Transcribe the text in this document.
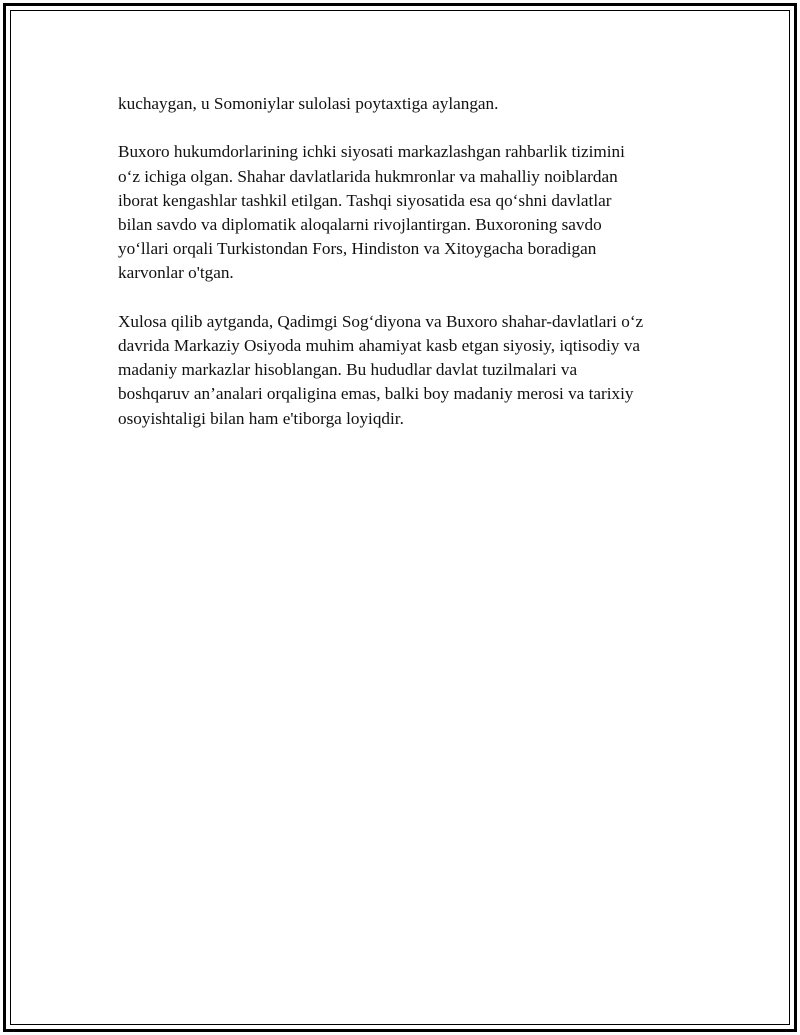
kuchaygan, u Somoniylar sulolasi poytaxtiga aylangan.

Buxoro hukumdorlarining ichki siyosati markazlashgan rahbarlik tizimini
o‘z ichiga olgan. Shahar davlatlarida hukmronlar va mahalliy noiblardan
iborat kengashlar tashkil etilgan. Tashqi siyosatida esa qo‘shni davlatlar
bilan savdo va diplomatik aloqalarni rivojlantirgan. Buxoroning savdo
yo‘llari orqali Turkistondan Fors, Hindiston va Xitoygacha boradigan
karvonlar o'tgan.

Xulosa qilib aytganda, Qadimgi Sog‘diyona va Buxoro shahar-davlatlari o‘z
davrida Markaziy Osiyoda muhim ahamiyat kasb etgan siyosiy, iqtisodiy va
madaniy markazlar hisoblangan. Bu hududlar davlat tuzilmalari va
boshqaruv an’analari orqaligina emas, balki boy madaniy merosi va tarixiy
osoyishtaligi bilan ham e'tiborga loyiqdir.
